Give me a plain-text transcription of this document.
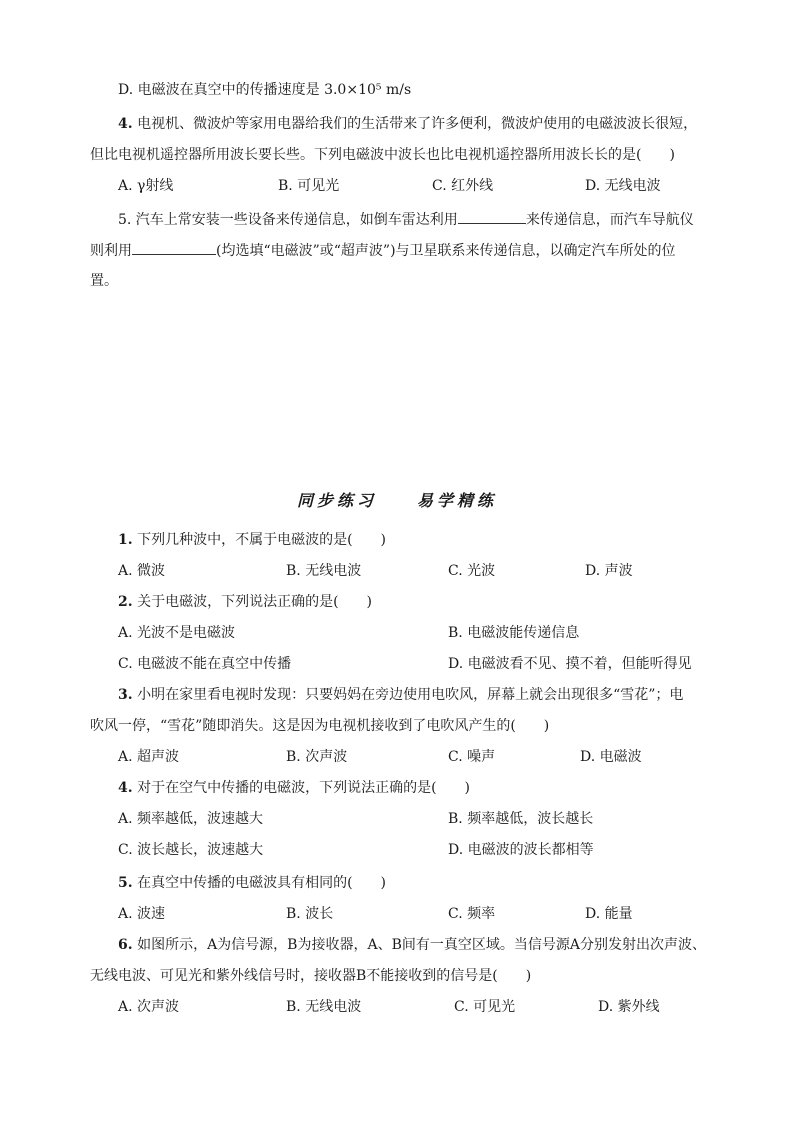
D. 电磁波在真空中的传播速度是 3.0×10⁵ m/s
4. 电视机、微波炉等家用电器给我们的生活带来了许多便利，微波炉使用的电磁波波长很短，
但比电视机遥控器所用波长要长些。下列电磁波中波长也比电视机遥控器所用波长长的是(　　)
A. γ射线	B. 可见光	C. 红外线	D. 无线电波
5. 汽车上常安装一些设备来传递信息，如倒车雷达利用	来传递信息，而汽车导航仪
则利用	(均选填“电磁波”或“超声波”)与卫星联系来传递信息，以确定汽车所处的位
置。
同步练习	易学精练
1. 下列几种波中，不属于电磁波的是(　　)
A. 微波	B. 无线电波	C. 光波	D. 声波
2. 关于电磁波，下列说法正确的是(　　)
A. 光波不是电磁波	B. 电磁波能传递信息
C. 电磁波不能在真空中传播	D. 电磁波看不见、摸不着，但能听得见
3. 小明在家里看电视时发现：只要妈妈在旁边使用电吹风，屏幕上就会出现很多“雪花”；电
吹风一停，“雪花”随即消失。这是因为电视机接收到了电吹风产生的(　　)
A. 超声波	B. 次声波	C. 噪声	D. 电磁波
4. 对于在空气中传播的电磁波，下列说法正确的是(　　)
A. 频率越低，波速越大	B. 频率越低，波长越长
C. 波长越长，波速越大	D. 电磁波的波长都相等
5. 在真空中传播的电磁波具有相同的(　　)
A. 波速	B. 波长	C. 频率	D. 能量
6. 如图所示，A为信号源，B为接收器，A、B间有一真空区域。当信号源A分别发射出次声波、
无线电波、可见光和紫外线信号时，接收器B不能接收到的信号是(　　)
A. 次声波	B. 无线电波	C. 可见光	D. 紫外线
